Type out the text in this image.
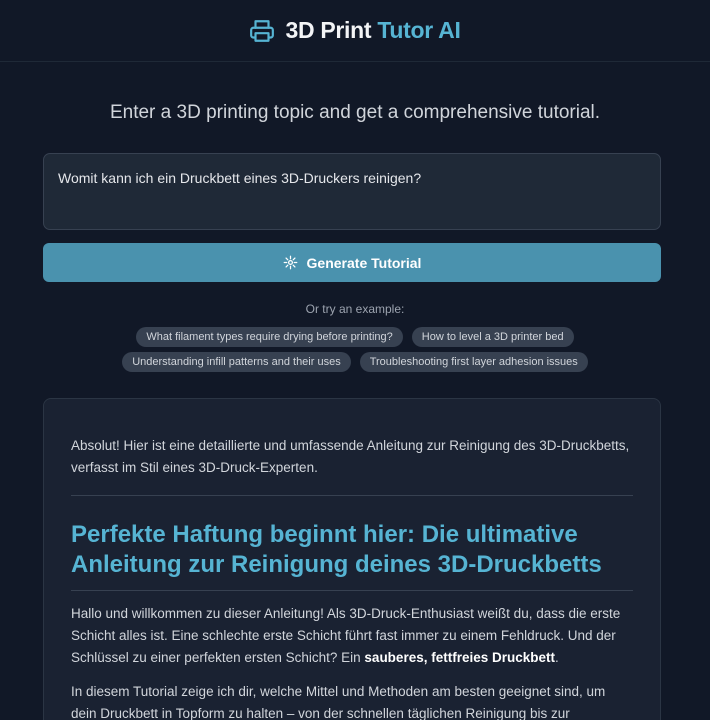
3D Print Tutor AI
Enter a 3D printing topic and get a comprehensive tutorial.
Womit kann ich ein Druckbett eines 3D-Druckers reinigen?
Generate Tutorial
Or try an example:
What filament types require drying before printing?	How to level a 3D printer bed
Understanding infill patterns and their uses	Troubleshooting first layer adhesion issues

Absolut! Hier ist eine detaillierte und umfassende Anleitung zur Reinigung des 3D-Druckbetts, verfasst im Stil eines 3D-Druck-Experten.

Perfekte Haftung beginnt hier: Die ultimative Anleitung zur Reinigung deines 3D-Druckbetts

Hallo und willkommen zu dieser Anleitung! Als 3D-Druck-Enthusiast weißt du, dass die erste Schicht alles ist. Eine schlechte erste Schicht führt fast immer zu einem Fehldruck. Und der Schlüssel zu einer perfekten ersten Schicht? Ein sauberes, fettfreies Druckbett.

In diesem Tutorial zeige ich dir, welche Mittel und Methoden am besten geeignet sind, um dein Druckbett in Topform zu halten – von der schnellen täglichen Reinigung bis zur
